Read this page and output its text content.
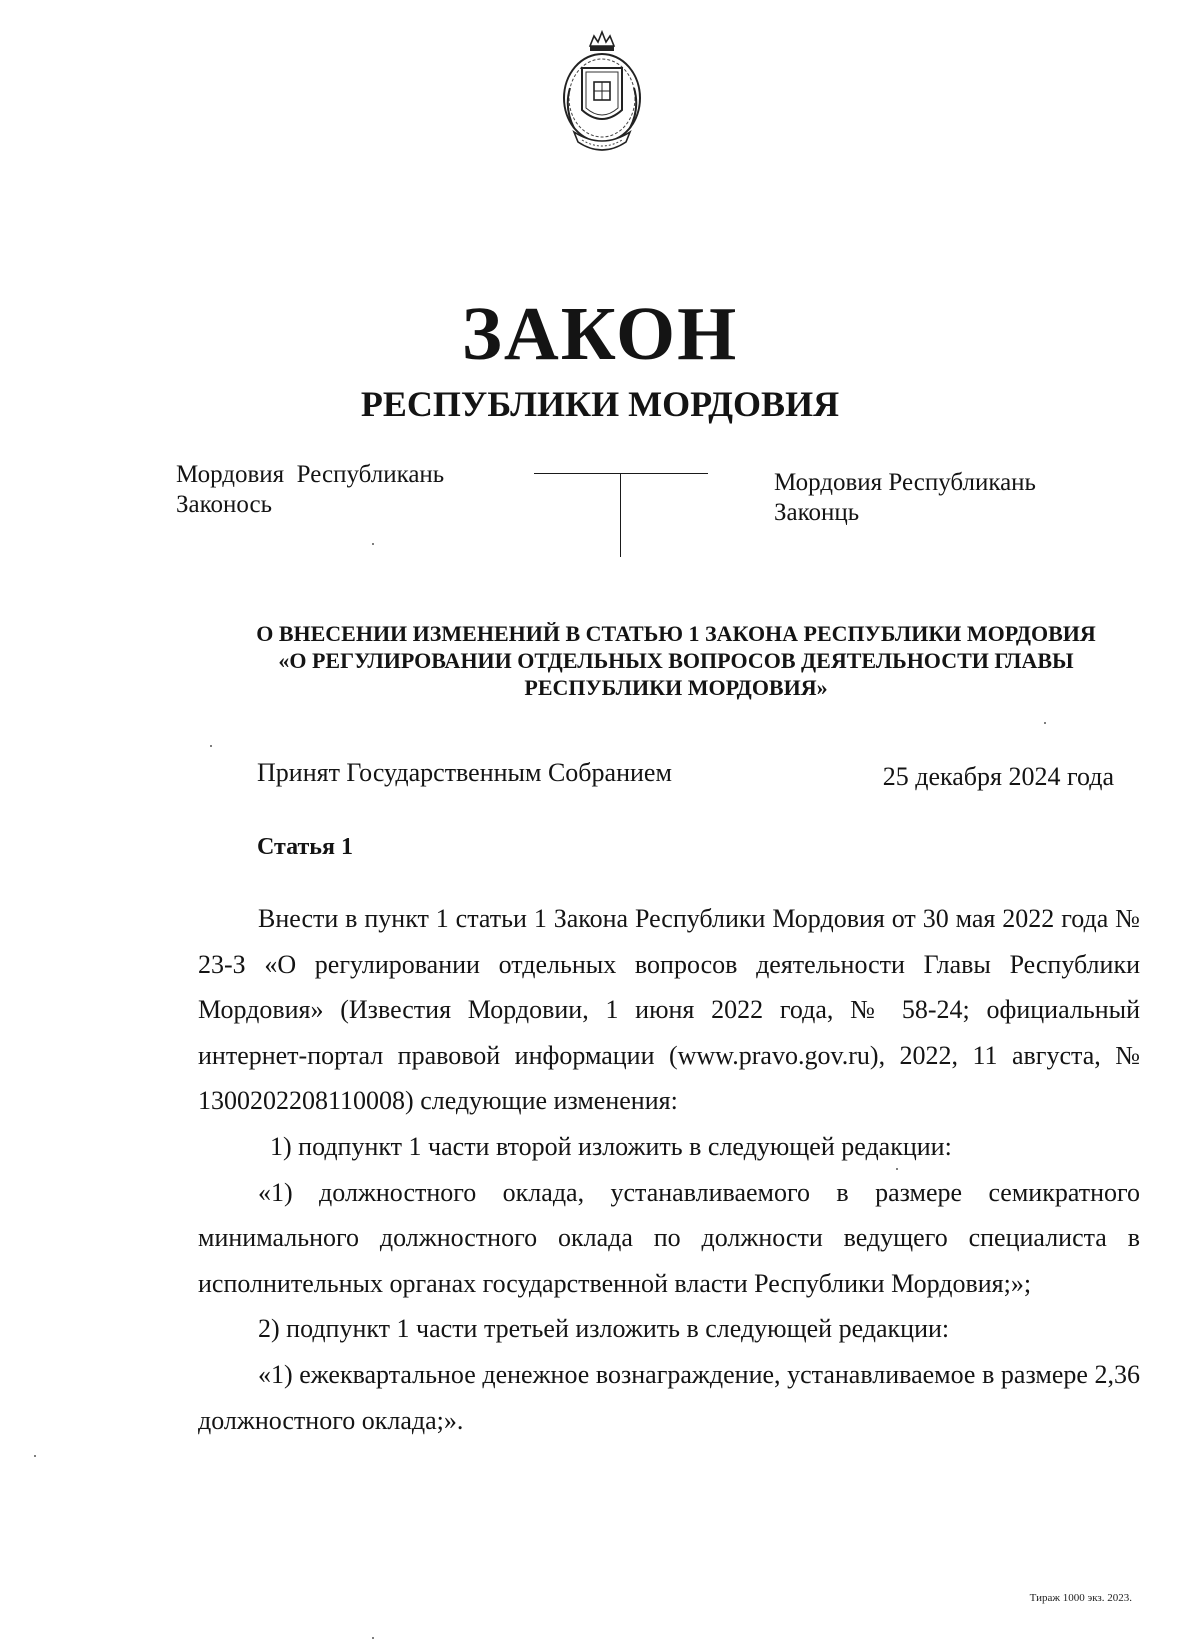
ЗАКОН
РЕСПУБЛИКИ МОРДОВИЯ
Мордовия  Республикань
Законось
Мордовия Республикань
Законць
О ВНЕСЕНИИ ИЗМЕНЕНИЙ В СТАТЬЮ 1 ЗАКОНА РЕСПУБЛИКИ МОРДОВИЯ
«О РЕГУЛИРОВАНИИ ОТДЕЛЬНЫХ ВОПРОСОВ ДЕЯТЕЛЬНОСТИ ГЛАВЫ
РЕСПУБЛИКИ МОРДОВИЯ»
Принят Государственным Собранием	25 декабря 2024 года
Статья 1

Внести в пункт 1 статьи 1 Закона Республики Мордовия от 30 мая 2022 года № 23-З «О регулировании отдельных вопросов деятельности Главы Республики Мордовия» (Известия Мордовии, 1 июня 2022 года, № 58-24; официальный интернет-портал правовой информации (www.pravo.gov.ru), 2022, 11 августа, № 1300202208110008) следующие изменения:

1) подпункт 1 части второй изложить в следующей редакции:

«1) должностного оклада, устанавливаемого в размере семикратного минимального должностного оклада по должности ведущего специалиста в исполнительных органах государственной власти Республики Мордовия;»;

2) подпункт 1 части третьей изложить в следующей редакции:

«1) ежеквартальное денежное вознаграждение, устанавливаемое в размере 2,36 должностного оклада;».

Тираж 1000 экз. 2023.
